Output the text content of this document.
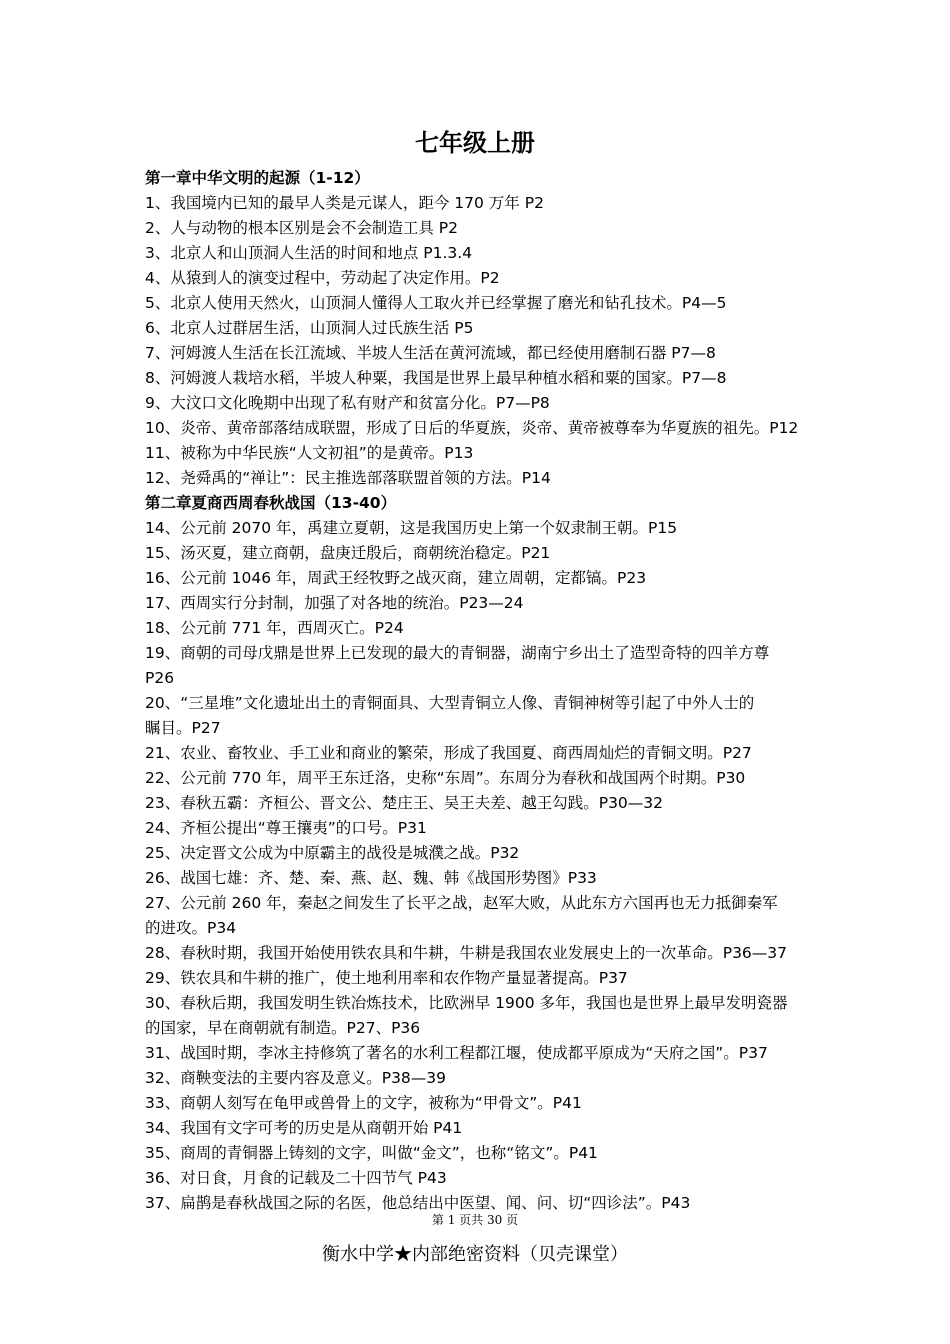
七年级上册
第一章中华文明的起源（1-12）
1、我国境内已知的最早人类是元谋人，距今 170 万年 P2
2、人与动物的根本区别是会不会制造工具 P2
3、北京人和山顶洞人生活的时间和地点 P1.3.4
4、从猿到人的演变过程中，劳动起了决定作用。P2
5、北京人使用天然火，山顶洞人懂得人工取火并已经掌握了磨光和钻孔技术。P4—5
6、北京人过群居生活，山顶洞人过氏族生活 P5
7、河姆渡人生活在长江流域、半坡人生活在黄河流域，都已经使用磨制石器 P7—8
8、河姆渡人栽培水稻，半坡人种粟，我国是世界上最早种植水稻和粟的国家。P7—8
9、大汶口文化晚期中出现了私有财产和贫富分化。P7—P8
10、炎帝、黄帝部落结成联盟，形成了日后的华夏族，炎帝、黄帝被尊奉为华夏族的祖先。P12
11、被称为中华民族“人文初祖”的是黄帝。P13
12、尧舜禹的“禅让”：民主推选部落联盟首领的方法。P14
第二章夏商西周春秋战国（13-40）
14、公元前 2070 年，禹建立夏朝，这是我国历史上第一个奴隶制王朝。P15
15、汤灭夏，建立商朝，盘庚迁殷后，商朝统治稳定。P21
16、公元前 1046 年，周武王经牧野之战灭商，建立周朝，定都镐。P23
17、西周实行分封制，加强了对各地的统治。P23—24
18、公元前 771 年，西周灭亡。P24
19、商朝的司母戊鼎是世界上已发现的最大的青铜器，湖南宁乡出土了造型奇特的四羊方尊
P26
20、“三星堆”文化遗址出土的青铜面具、大型青铜立人像、青铜神树等引起了中外人士的
瞩目。P27
21、农业、畜牧业、手工业和商业的繁荣，形成了我国夏、商西周灿烂的青铜文明。P27
22、公元前 770 年，周平王东迁洛，史称“东周”。东周分为春秋和战国两个时期。P30
23、春秋五霸：齐桓公、晋文公、楚庄王、吴王夫差、越王勾践。P30—32
24、齐桓公提出“尊王攘夷”的口号。P31
25、决定晋文公成为中原霸主的战役是城濮之战。P32
26、战国七雄：齐、楚、秦、燕、赵、魏、韩《战国形势图》P33
27、公元前 260 年，秦赵之间发生了长平之战，赵军大败，从此东方六国再也无力抵御秦军
的进攻。P34
28、春秋时期，我国开始使用铁农具和牛耕，牛耕是我国农业发展史上的一次革命。P36—37
29、铁农具和牛耕的推广，使土地利用率和农作物产量显著提高。P37
30、春秋后期，我国发明生铁冶炼技术，比欧洲早 1900 多年，我国也是世界上最早发明瓷器
的国家，早在商朝就有制造。P27、P36
31、战国时期，李冰主持修筑了著名的水利工程都江堰，使成都平原成为“天府之国”。P37
32、商鞅变法的主要内容及意义。P38—39
33、商朝人刻写在龟甲或兽骨上的文字，被称为“甲骨文”。P41
34、我国有文字可考的历史是从商朝开始 P41
35、商周的青铜器上铸刻的文字，叫做“金文”，也称“铭文”。P41
36、对日食，月食的记载及二十四节气 P43
37、扁鹊是春秋战国之际的名医，他总结出中医望、闻、问、切“四诊法”。P43
第 1 页共 30 页
衡水中学★内部绝密资料（贝壳课堂）
